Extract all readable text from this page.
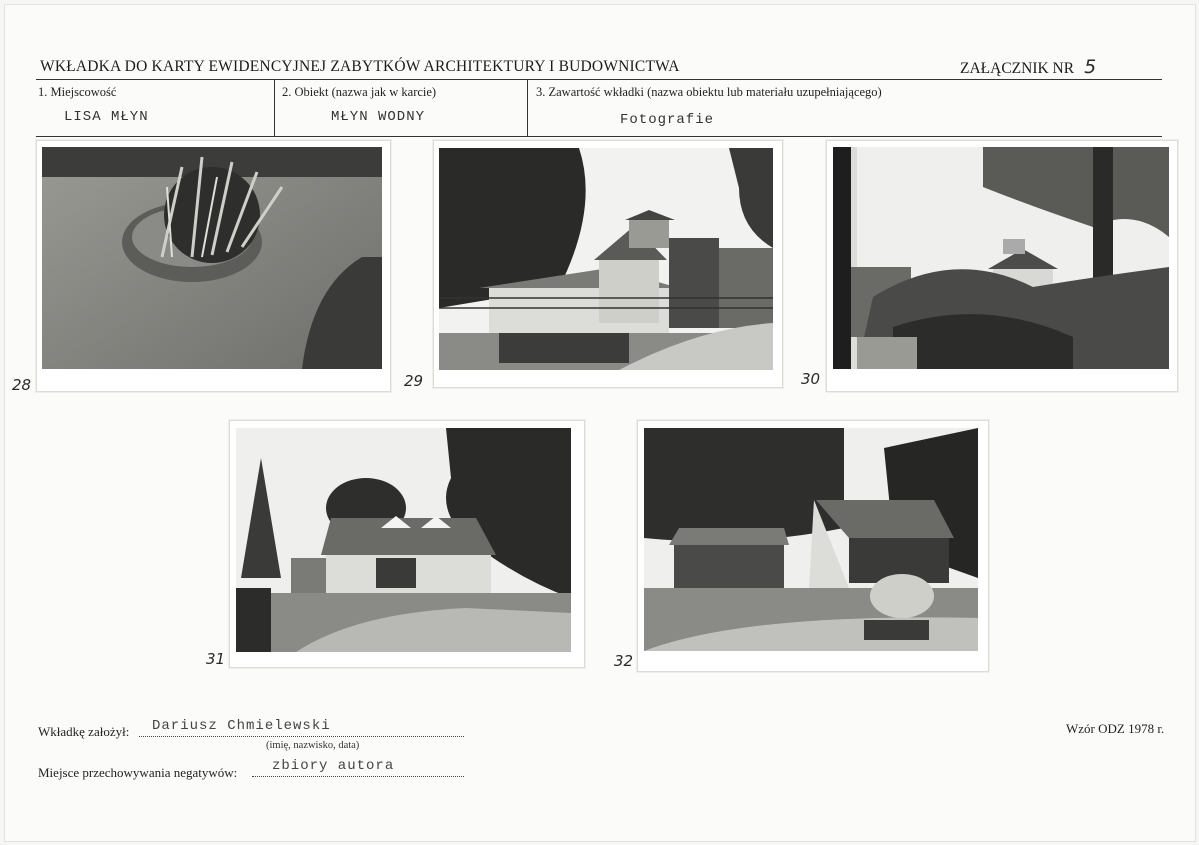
WKŁADKA DO KARTY EWIDENCYJNEJ ZABYTKÓW ARCHITEKTURY I BUDOWNICTWA	ZAŁĄCZNIK NR 5
1. Miejscowość
LISA MŁYN
2. Obiekt (nazwa jak w karcie)
MŁYN WODNY
3. Zawartość wkładki (nazwa obiektu lub materiału uzupełniającego)
Fotografie
28	29	30
31	32
Wkładkę założył: Dariusz Chmielewski
(imię, nazwisko, data)
Miejsce przechowywania negatywów: zbiory autora
Wzór ODZ 1978 r.
